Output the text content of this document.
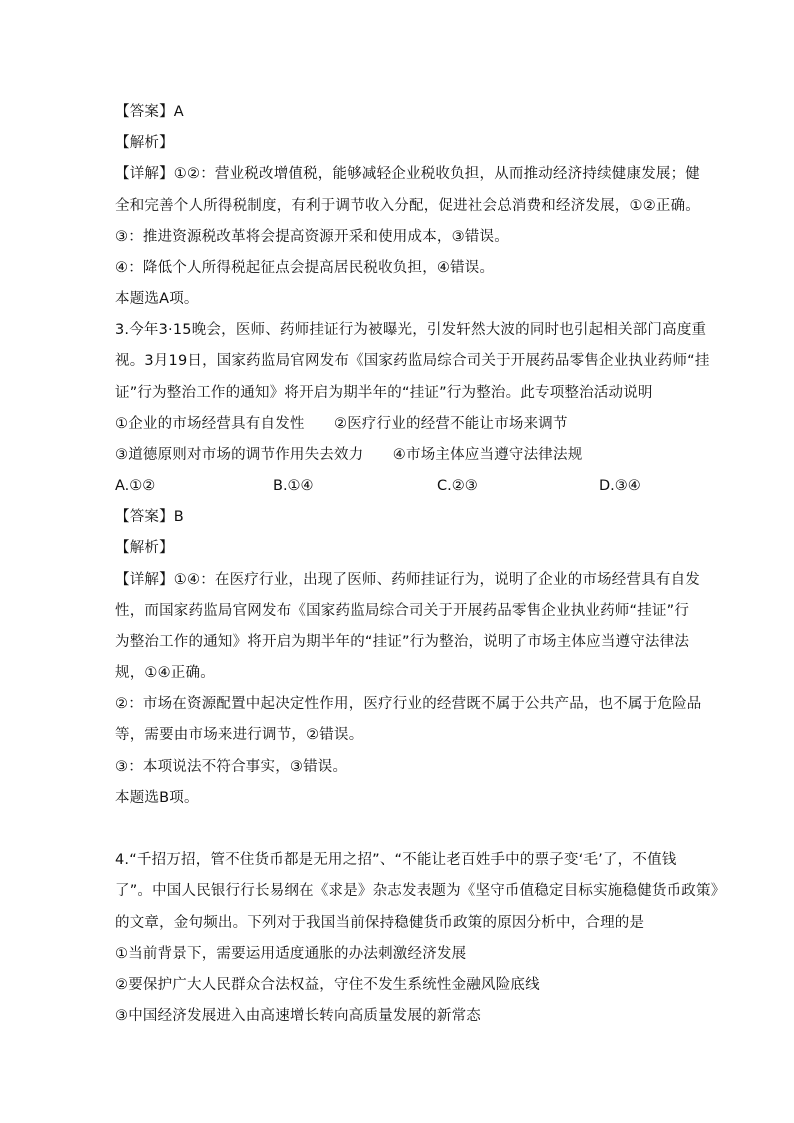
【答案】A
【解析】
【详解】①②：营业税改增值税，能够减轻企业税收负担，从而推动经济持续健康发展；健
全和完善个人所得税制度，有利于调节收入分配，促进社会总消费和经济发展，①②正确。
③：推进资源税改革将会提高资源开采和使用成本，③错误。
④：降低个人所得税起征点会提高居民税收负担，④错误。
本题选A项。
3.今年3·15晚会，医师、药师挂证行为被曝光，引发轩然大波的同时也引起相关部门高度重
视。3月19日，国家药监局官网发布《国家药监局综合司关于开展药品零售企业执业药师“挂
证”行为整治工作的通知》将开启为期半年的“挂证”行为整治。此专项整治活动说明
①企业的市场经营具有自发性　　②医疗行业的经营不能让市场来调节
③道德原则对市场的调节作用失去效力　　④市场主体应当遵守法律法规
A.①②	B.①④	C.②③	D.③④
【答案】B
【解析】
【详解】①④：在医疗行业，出现了医师、药师挂证行为，说明了企业的市场经营具有自发
性，而国家药监局官网发布《国家药监局综合司关于开展药品零售企业执业药师“挂证”行
为整治工作的通知》将开启为期半年的“挂证”行为整治，说明了市场主体应当遵守法律法
规，①④正确。
②：市场在资源配置中起决定性作用，医疗行业的经营既不属于公共产品，也不属于危险品
等，需要由市场来进行调节，②错误。
③：本项说法不符合事实，③错误。
本题选B项。
4.“千招万招，管不住货币都是无用之招”、“不能让老百姓手中的票子变‘毛’了，不值钱
了”。中国人民银行行长易纲在《求是》杂志发表题为《坚守币值稳定目标实施稳健货币政策》
的文章，金句频出。下列对于我国当前保持稳健货币政策的原因分析中，合理的是
①当前背景下，需要运用适度通胀的办法刺激经济发展
②要保护广大人民群众合法权益，守住不发生系统性金融风险底线
③中国经济发展进入由高速增长转向高质量发展的新常态
